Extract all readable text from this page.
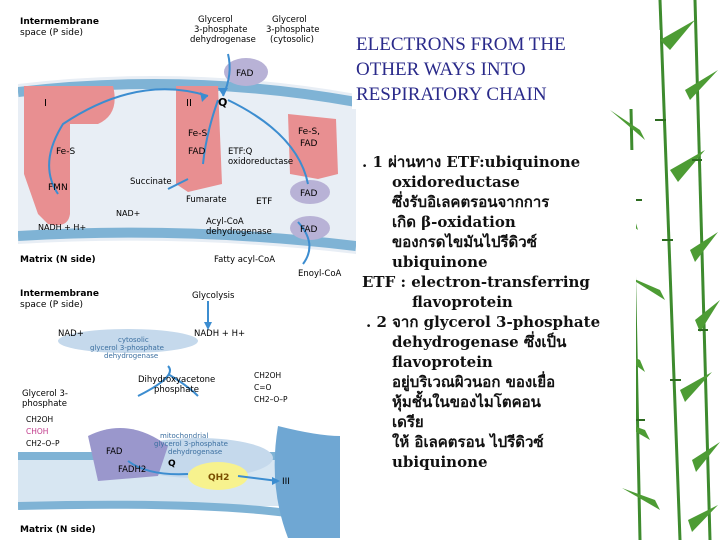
Intermembrane
space (P side)
Glycerol
3-phosphate
dehydrogenase
Glycerol
3-phosphate
(cytosolic)
FAD
I	II Q
Fe-S
FAD
Fe-S
Fe-S,
FAD
FMN
ETF:Q
oxidoreductase
Succinate
Fumarate	ETF
FAD
FAD
NAD+
NADH + H+
Acyl-CoA
dehydrogenase
Fatty acyl-CoA
Enoyl-CoA
Matrix (N side)
Intermembrane
space (P side)
Glycolysis
NAD+	NADH + H+
cytosolic
glycerol 3-phosphate
dehydrogenase
Glycerol 3-
phosphate
Dihydroxyacetone
phosphate
CH2OH
C=O
CH2–O–P
CH2OH
CHOH
CH2–O–P
FAD
FADH2
mitochondrial
glycerol 3-phosphate
dehydrogenase
Q
QH2	III
Matrix (N side)
ELECTRONS FROM THE
OTHER WAYS INTO
RESPIRATORY CHAIN
. 1 ผ่านทาง ETF:ubiquinone
oxidoreductase
ซึ่งรับอิเลคตรอนจากการ
เกิด β-oxidation
ของกรดไขมันไปรีดิวซ์
ubiquinone
ETF : electron-transferring
flavoprotein
. 2 จาก glycerol 3-phosphate
dehydrogenase ซึ่งเป็น
flavoprotein
อยู่บริเวณผิวนอก ของเยื่อ
หุ้มชั้นในของไมโตคอน
เดรีย
ให้ อิเลคตรอน ไปรีดิวซ์
ubiquinone
